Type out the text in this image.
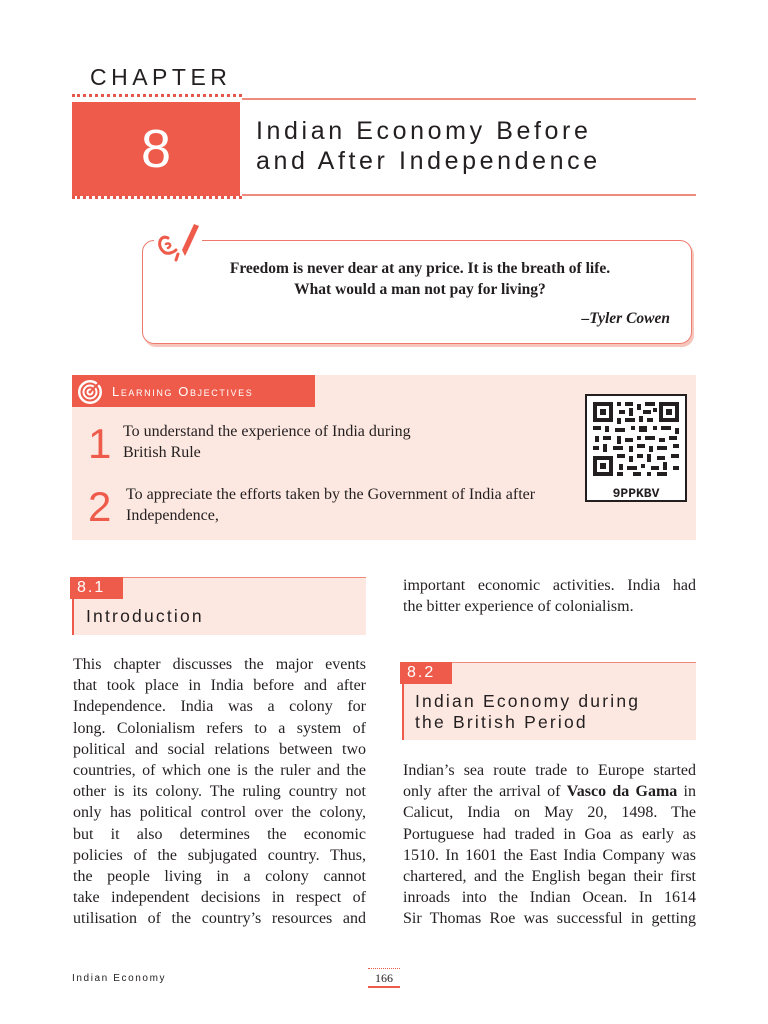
CHAPTER
8	Indian Economy Before
and After Independence
Freedom is never dear at any price. It is the breath of life.
What would a man not pay for living?
–Tyler Cowen
Learning Objectives
1 To understand the experience of India during
British Rule
2 To appreciate the efforts taken by the Government of India after
Independence,
9PPKBV
8.1
Introduction
This chapter discusses the major events
that took place in India before and after
Independence. India was a colony for
long. Colonialism refers to a system of
political and social relations between two
countries, of which one is the ruler and the
other is its colony. The ruling country not
only has political control over the colony,
but it also determines the economic
policies of the subjugated country. Thus,
the people living in a colony cannot
take independent decisions in respect of
utilisation of the country’s resources and
important economic activities. India had
the bitter experience of colonialism.
8.2
Indian Economy during
the British Period
Indian’s sea route trade to Europe started
only after the arrival of Vasco da Gama in
Calicut, India on May 20, 1498. The
Portuguese had traded in Goa as early as
1510. In 1601 the East India Company was
chartered, and the English began their first
inroads into the Indian Ocean. In 1614
Sir Thomas Roe was successful in getting
Indian Economy	166
